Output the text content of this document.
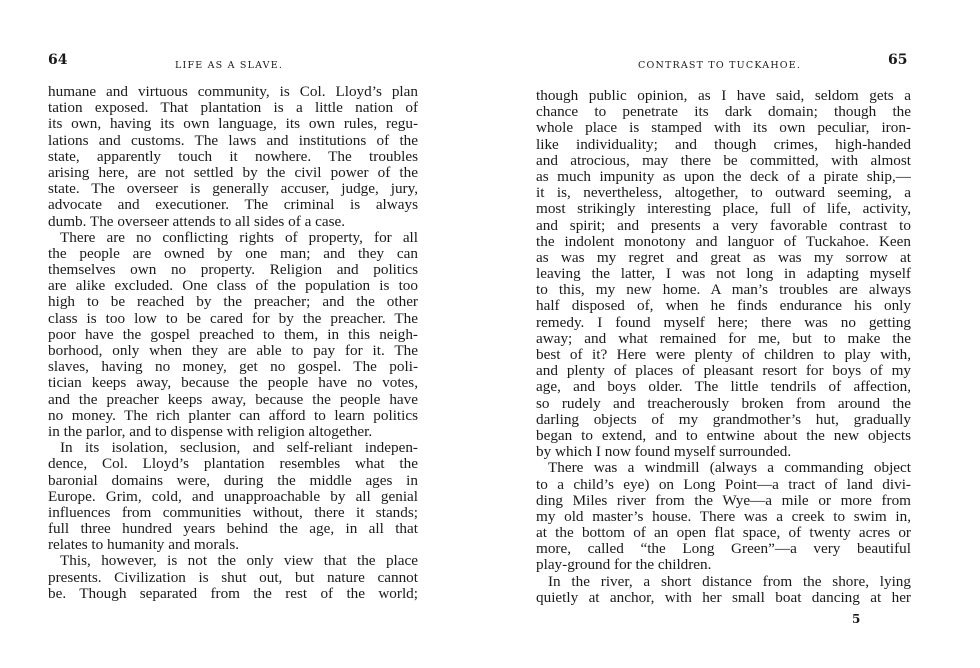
64	LIFE AS A SLAVE.
humane and virtuous community, is Col. Lloyd’s plan
tation exposed. That plantation is a little nation of
its own, having its own language, its own rules, regu-
lations and customs. The laws and institutions of the
state, apparently touch it nowhere. The troubles
arising here, are not settled by the civil power of the
state. The overseer is generally accuser, judge, jury,
advocate and executioner. The criminal is always
dumb. The overseer attends to all sides of a case.
There are no conflicting rights of property, for all
the people are owned by one man; and they can
themselves own no property. Religion and politics
are alike excluded. One class of the population is too
high to be reached by the preacher; and the other
class is too low to be cared for by the preacher. The
poor have the gospel preached to them, in this neigh-
borhood, only when they are able to pay for it. The
slaves, having no money, get no gospel. The poli-
tician keeps away, because the people have no votes,
and the preacher keeps away, because the people have
no money. The rich planter can afford to learn politics
in the parlor, and to dispense with religion altogether.
In its isolation, seclusion, and self-reliant indepen-
dence, Col. Lloyd’s plantation resembles what the
baronial domains were, during the middle ages in
Europe. Grim, cold, and unapproachable by all genial
influences from communities without, there it stands;
full three hundred years behind the age, in all that
relates to humanity and morals.
This, however, is not the only view that the place
presents. Civilization is shut out, but nature cannot
be. Though separated from the rest of the world;
CONTRAST TO TUCKAHOE.	65
though public opinion, as I have said, seldom gets a
chance to penetrate its dark domain; though the
whole place is stamped with its own peculiar, iron-
like individuality; and though crimes, high-handed
and atrocious, may there be committed, with almost
as much impunity as upon the deck of a pirate ship,—
it is, nevertheless, altogether, to outward seeming, a
most strikingly interesting place, full of life, activity,
and spirit; and presents a very favorable contrast to
the indolent monotony and languor of Tuckahoe. Keen
as was my regret and great as was my sorrow at
leaving the latter, I was not long in adapting myself
to this, my new home. A man’s troubles are always
half disposed of, when he finds endurance his only
remedy. I found myself here; there was no getting
away; and what remained for me, but to make the
best of it? Here were plenty of children to play with,
and plenty of places of pleasant resort for boys of my
age, and boys older. The little tendrils of affection,
so rudely and treacherously broken from around the
darling objects of my grandmother’s hut, gradually
began to extend, and to entwine about the new objects
by which I now found myself surrounded.
There was a windmill (always a commanding object
to a child’s eye) on Long Point—a tract of land divi-
ding Miles river from the Wye—a mile or more from
my old master’s house. There was a creek to swim in,
at the bottom of an open flat space, of twenty acres or
more, called “the Long Green”—a very beautiful
play-ground for the children.
In the river, a short distance from the shore, lying
quietly at anchor, with her small boat dancing at her
5
